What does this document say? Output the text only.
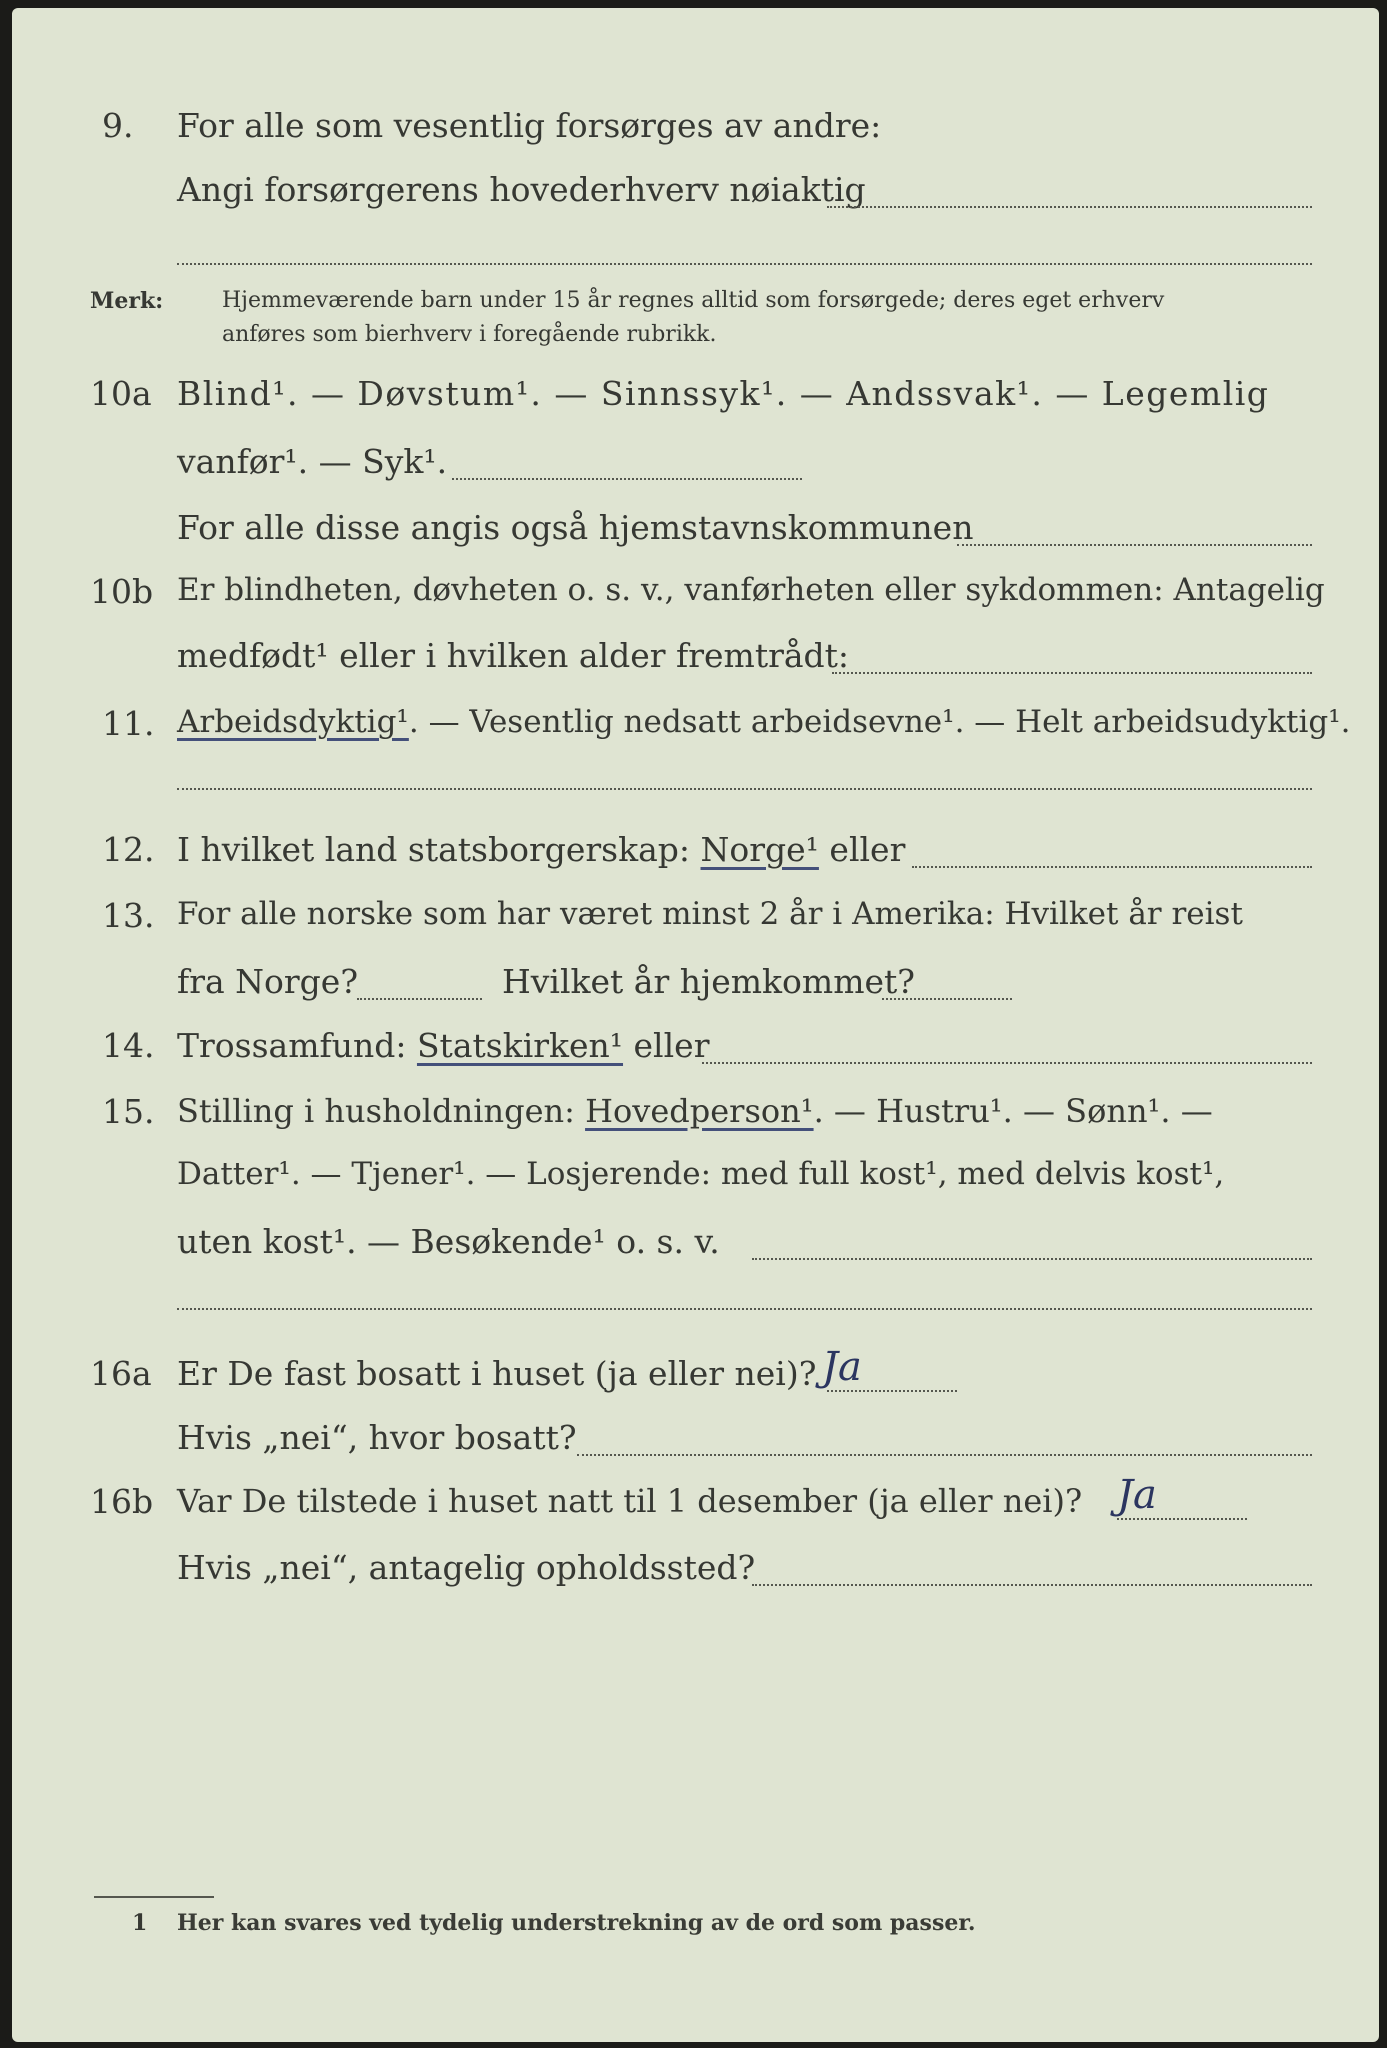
9. For alle som vesentlig forsørges av andre:
Angi forsørgerens hovederhverv nøiaktig
Merk:	Hjemmeværende barn under 15 år regnes alltid som forsørgede; deres eget erhverv
anføres som bierhverv i foregående rubrikk.
10a Blind¹. — Døvstum¹. — Sinnssyk¹. — Andssvak¹. — Legemlig
vanfør¹. — Syk¹.
For alle disse angis også hjemstavnskommunen
10b Er blindheten, døvheten o. s. v., vanførheten eller sykdommen: Antagelig
medfødt¹ eller i hvilken alder fremtrådt:
11. Arbeidsdyktig¹. — Vesentlig nedsatt arbeidsevne¹. — Helt arbeidsudyktig¹.
12. I hvilket land statsborgerskap: Norge¹ eller
13. For alle norske som har været minst 2 år i Amerika: Hvilket år reist
fra Norge?	Hvilket år hjemkommet?
14. Trossamfund: Statskirken¹ eller
15. Stilling i husholdningen: Hovedperson¹. — Hustru¹. — Sønn¹. —
Datter¹. — Tjener¹. — Losjerende: med full kost¹, med delvis kost¹,
uten kost¹. — Besøkende¹ o. s. v.
16a Er De fast bosatt i huset (ja eller nei)? Ja
Hvis „nei“, hvor bosatt?
16b Var De tilstede i huset natt til 1 desember (ja eller nei)? Ja
Hvis „nei“, antagelig opholdssted?
1 Her kan svares ved tydelig understrekning av de ord som passer.
